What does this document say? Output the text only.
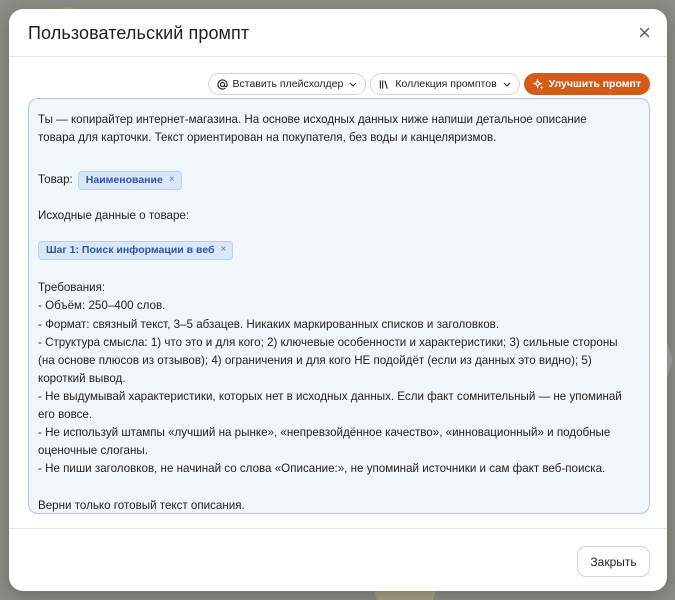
Пользовательский промпт
Вставить плейсхолдер	Коллекция промптов	Улучшить промпт

Ты — копирайтер интернет-магазина. На основе исходных данных ниже напиши детальное описание

товара для карточки. Текст ориентирован на покупателя, без воды и канцеляризмов.

Товар: Наименование ×

Исходные данные о товаре:

Шаг 1: Поиск информации в веб ×

Требования:

- Объём: 250–400 слов.

- Формат: связный текст, 3–5 абзацев. Никаких маркированных списков и заголовков.

- Структура смысла: 1) что это и для кого; 2) ключевые особенности и характеристики; 3) сильные стороны

(на основе плюсов из отзывов); 4) ограничения и для кого НЕ подойдёт (если из данных это видно); 5)

короткий вывод.

- Не выдумывай характеристики, которых нет в исходных данных. Если факт сомнительный — не упоминай

его вовсе.

- Не используй штампы «лучший на рынке», «непревзойдённое качество», «инновационный» и подобные

оценочные слоганы.

- Не пиши заголовков, не начинай со слова «Описание:», не упоминай источники и сам факт веб-поиска.

Верни только готовый текст описания.

Закрыть
